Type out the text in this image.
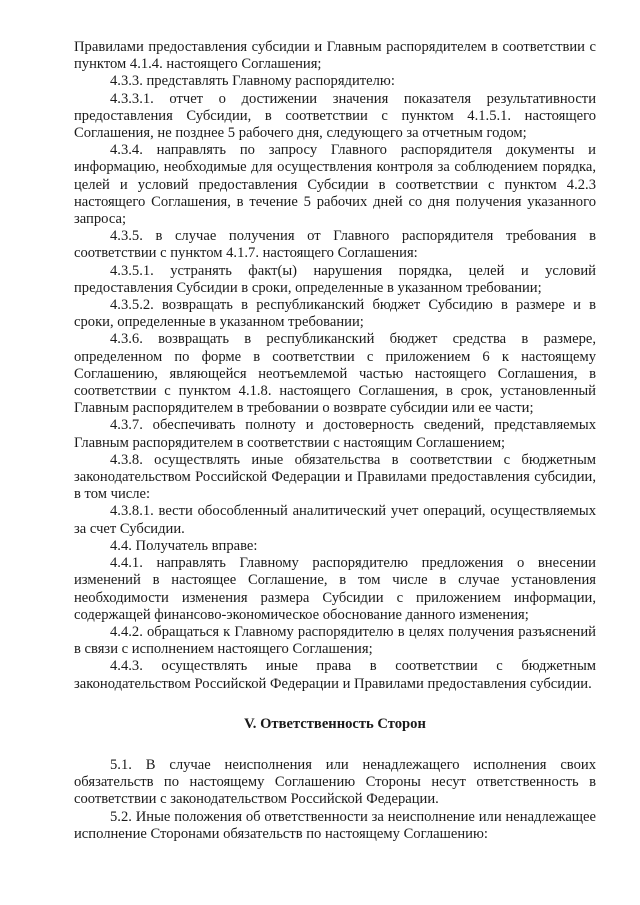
Правилами предоставления субсидии и Главным распорядителем в соответствии с пунктом 4.1.4. настоящего Соглашения;

4.3.3. представлять Главному распорядителю:

4.3.3.1. отчет о достижении значения показателя результативности предоставления Субсидии, в соответствии с пунктом 4.1.5.1. настоящего Соглашения, не позднее 5 рабочего дня, следующего за отчетным годом;

4.3.4. направлять по запросу Главного распорядителя документы и информацию, необходимые для осуществления контроля за соблюдением порядка, целей и условий предоставления Субсидии в соответствии с пунктом 4.2.3 настоящего Соглашения, в течение 5 рабочих дней со дня получения указанного запроса;

4.3.5. в случае получения от Главного распорядителя требования в соответствии с пунктом 4.1.7. настоящего Соглашения:

4.3.5.1. устранять факт(ы) нарушения порядка, целей и условий предоставления Субсидии в сроки, определенные в указанном требовании;

4.3.5.2. возвращать в республиканский бюджет Субсидию в размере и в сроки, определенные в указанном требовании;

4.3.6. возвращать в республиканский бюджет средства в размере, определенном по форме в соответствии с приложением 6 к настоящему Соглашению, являющейся неотъемлемой частью настоящего Соглашения, в соответствии с пунктом 4.1.8. настоящего Соглашения, в срок, установленный Главным распорядителем в требовании о возврате субсидии или ее части;

4.3.7. обеспечивать полноту и достоверность сведений, представляемых Главным распорядителем в соответствии с настоящим Соглашением;

4.3.8. осуществлять иные обязательства в соответствии с бюджетным законодательством Российской Федерации и Правилами предоставления субсидии, в том числе:

4.3.8.1. вести обособленный аналитический учет операций, осуществляемых за счет Субсидии.

4.4. Получатель вправе:

4.4.1. направлять Главному распорядителю предложения о внесении изменений в настоящее Соглашение, в том числе в случае установления необходимости изменения размера Субсидии с приложением информации, содержащей финансово-экономическое обоснование данного изменения;

4.4.2. обращаться к Главному распорядителю в целях получения разъяснений в связи с исполнением настоящего Соглашения;

4.4.3. осуществлять иные права в соответствии с бюджетным законодательством Российской Федерации и Правилами предоставления субсидии.

V. Ответственность Сторон

5.1. В случае неисполнения или ненадлежащего исполнения своих обязательств по настоящему Соглашению Стороны несут ответственность в соответствии с законодательством Российской Федерации.

5.2. Иные положения об ответственности за неисполнение или ненадлежащее исполнение Сторонами обязательств по настоящему Соглашению:
